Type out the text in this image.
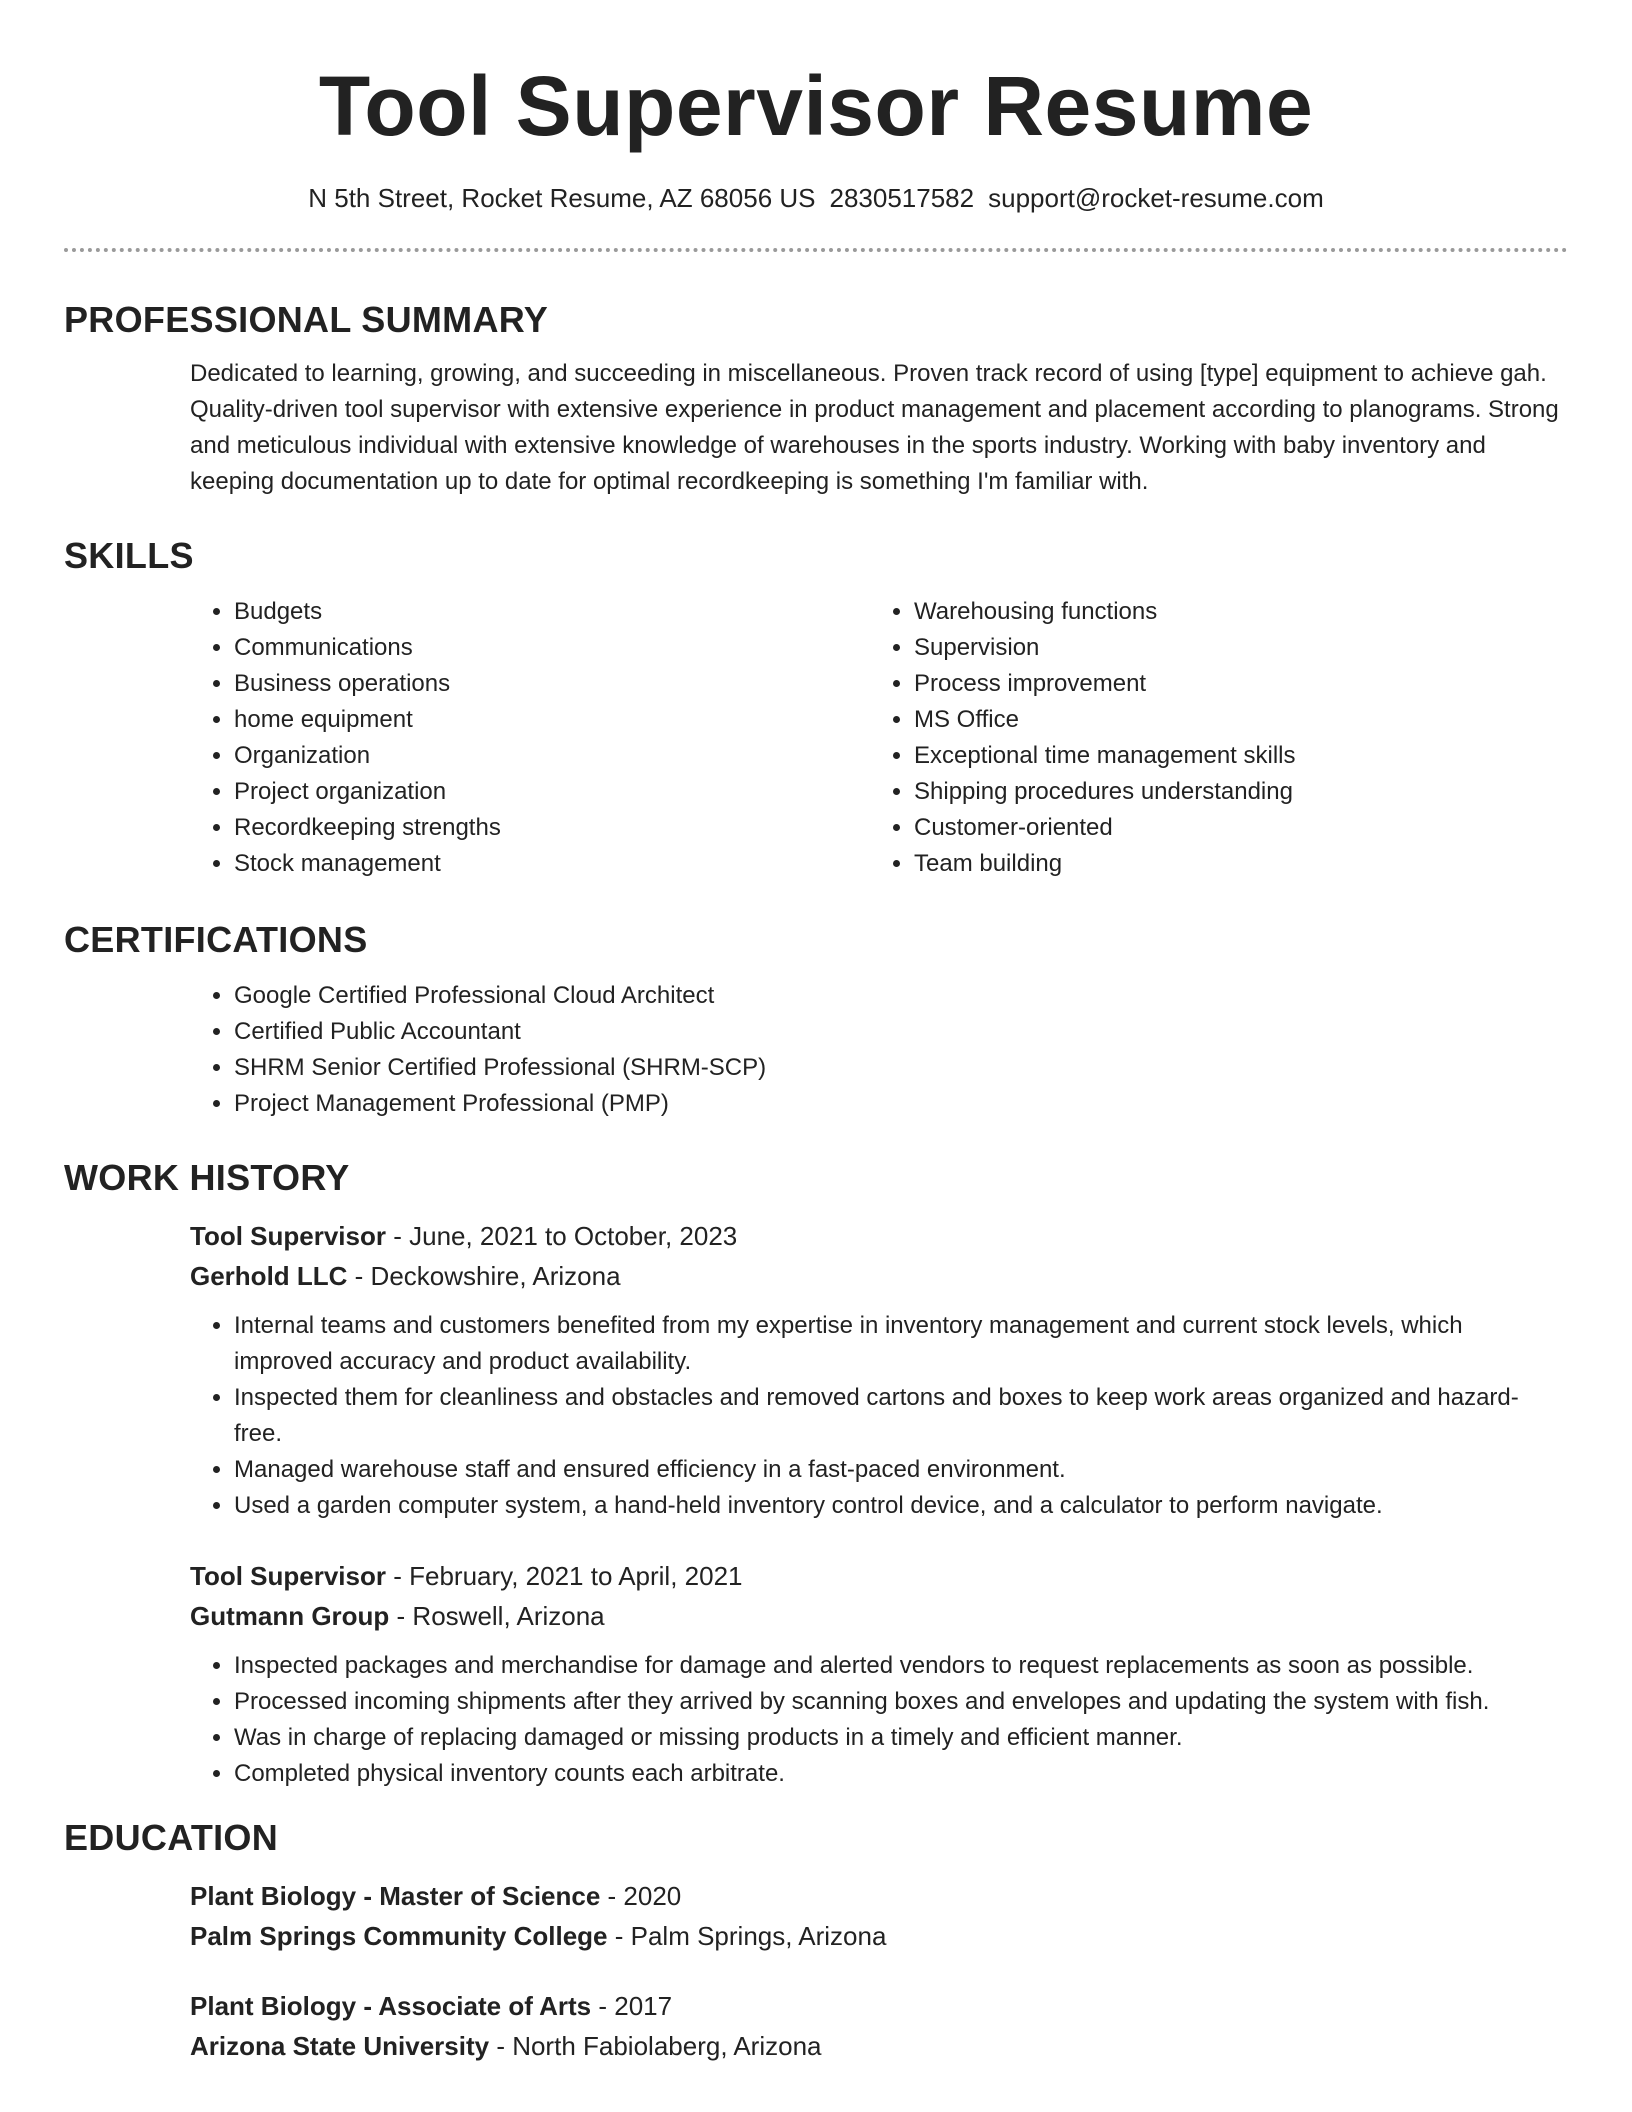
Tool Supervisor Resume
N 5th Street, Rocket Resume, AZ 68056 US 2830517582 support@rocket-resume.com
PROFESSIONAL SUMMARY
Dedicated to learning, growing, and succeeding in miscellaneous. Proven track record of using [type] equipment to achieve gah. Quality-driven tool supervisor with extensive experience in product management and placement according to planograms. Strong and meticulous individual with extensive knowledge of warehouses in the sports industry. Working with baby inventory and keeping documentation up to date for optimal recordkeeping is something I'm familiar with.
SKILLS
• Budgets
• Communications
• Business operations
• home equipment
• Organization
• Project organization
• Recordkeeping strengths
• Stock management
• Warehousing functions
• Supervision
• Process improvement
• MS Office
• Exceptional time management skills
• Shipping procedures understanding
• Customer-oriented
• Team building
CERTIFICATIONS
• Google Certified Professional Cloud Architect
• Certified Public Accountant
• SHRM Senior Certified Professional (SHRM-SCP)
• Project Management Professional (PMP)
WORK HISTORY
Tool Supervisor - June, 2021 to October, 2023
Gerhold LLC - Deckowshire, Arizona
• Internal teams and customers benefited from my expertise in inventory management and current stock levels, which improved accuracy and product availability.
• Inspected them for cleanliness and obstacles and removed cartons and boxes to keep work areas organized and hazard-free.
• Managed warehouse staff and ensured efficiency in a fast-paced environment.
• Used a garden computer system, a hand-held inventory control device, and a calculator to perform navigate.
Tool Supervisor - February, 2021 to April, 2021
Gutmann Group - Roswell, Arizona
• Inspected packages and merchandise for damage and alerted vendors to request replacements as soon as possible.
• Processed incoming shipments after they arrived by scanning boxes and envelopes and updating the system with fish.
• Was in charge of replacing damaged or missing products in a timely and efficient manner.
• Completed physical inventory counts each arbitrate.
EDUCATION
Plant Biology - Master of Science - 2020
Palm Springs Community College - Palm Springs, Arizona
Plant Biology - Associate of Arts - 2017
Arizona State University - North Fabiolaberg, Arizona
